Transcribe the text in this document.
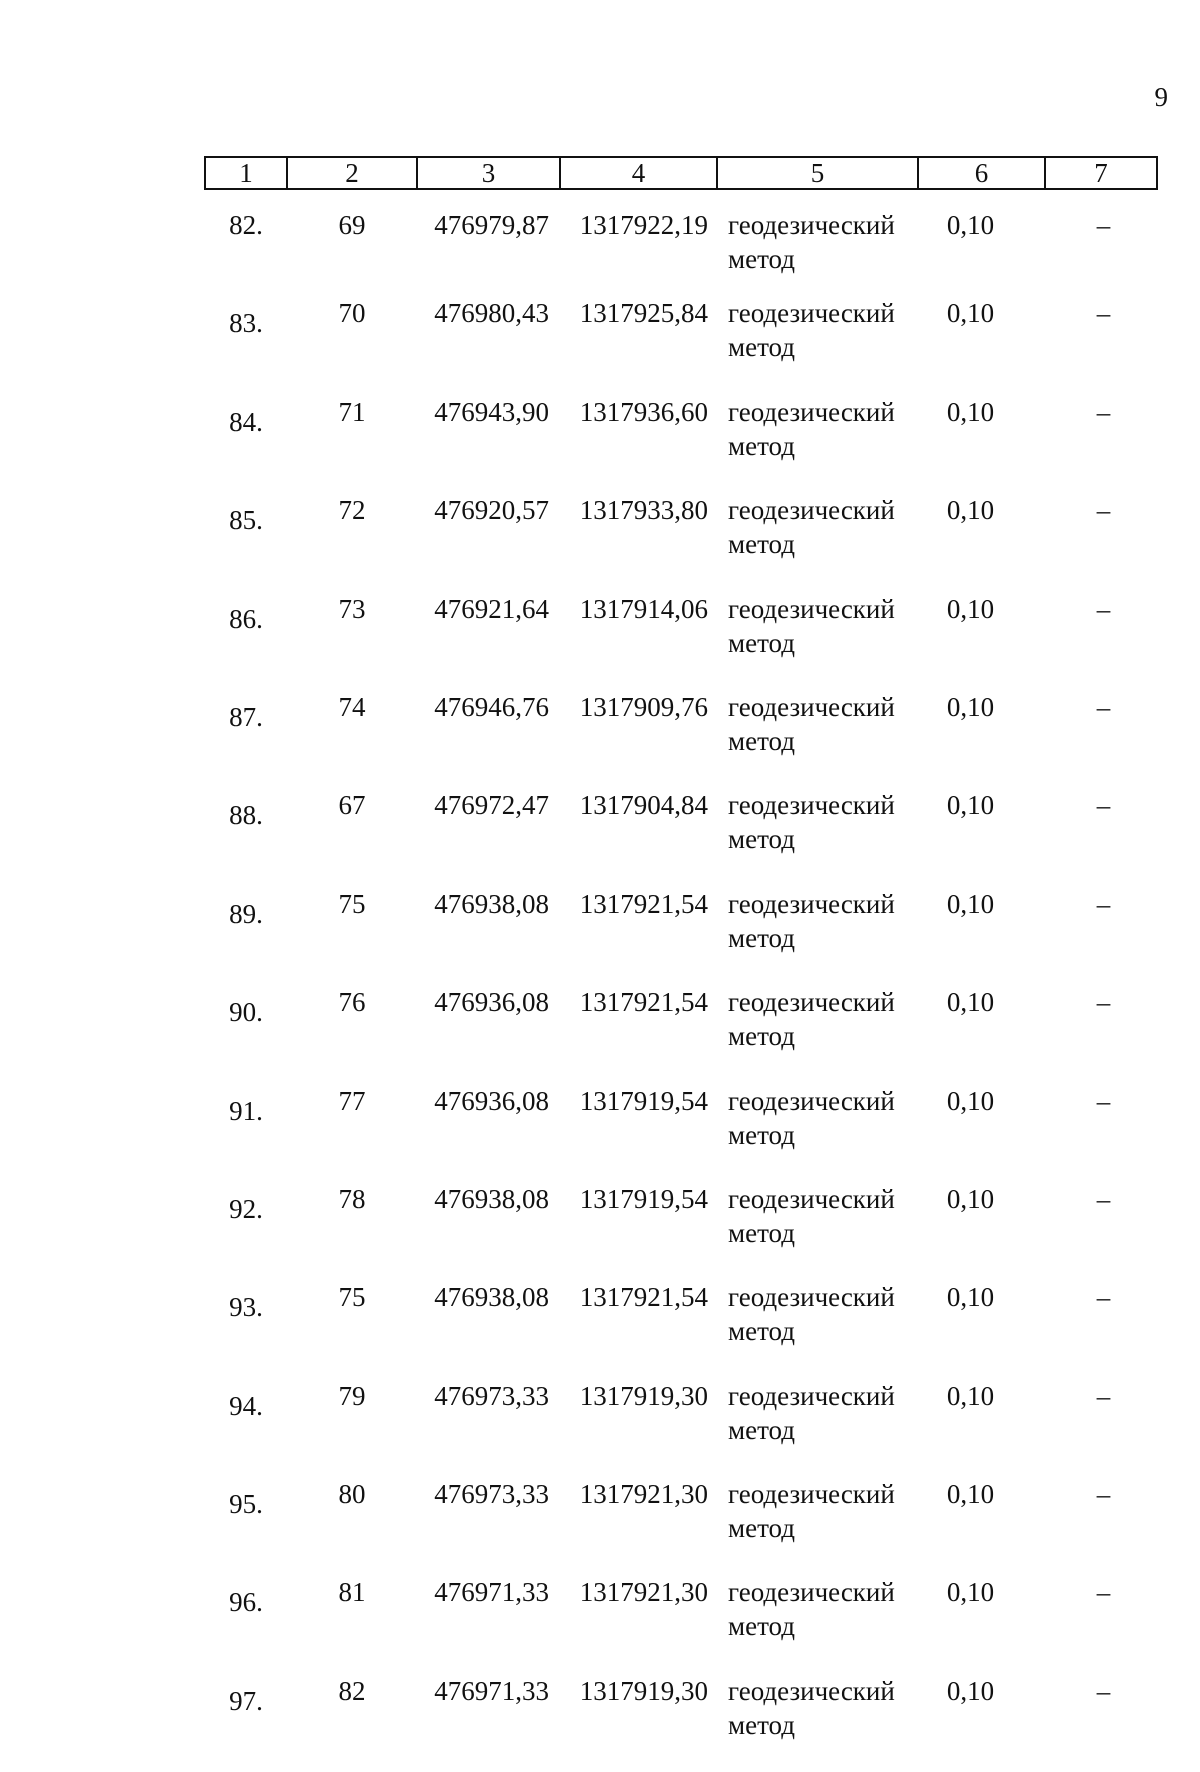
9
1	2	3	4	5	6	7
82.	69	476979,87	1317922,19	геодезический
метод	0,10	–
83.	70	476980,43	1317925,84	геодезический
метод	0,10	–
84.	71	476943,90	1317936,60	геодезический
метод	0,10	–
85.	72	476920,57	1317933,80	геодезический
метод	0,10	–
86.	73	476921,64	1317914,06	геодезический
метод	0,10	–
87.	74	476946,76	1317909,76	геодезический
метод	0,10	–
88.	67	476972,47	1317904,84	геодезический
метод	0,10	–
89.	75	476938,08	1317921,54	геодезический
метод	0,10	–
90.	76	476936,08	1317921,54	геодезический
метод	0,10	–
91.	77	476936,08	1317919,54	геодезический
метод	0,10	–
92.	78	476938,08	1317919,54	геодезический
метод	0,10	–
93.	75	476938,08	1317921,54	геодезический
метод	0,10	–
94.	79	476973,33	1317919,30	геодезический
метод	0,10	–
95.	80	476973,33	1317921,30	геодезический
метод	0,10	–
96.	81	476971,33	1317921,30	геодезический
метод	0,10	–
97.	82	476971,33	1317919,30	геодезический
метод	0,10	–
